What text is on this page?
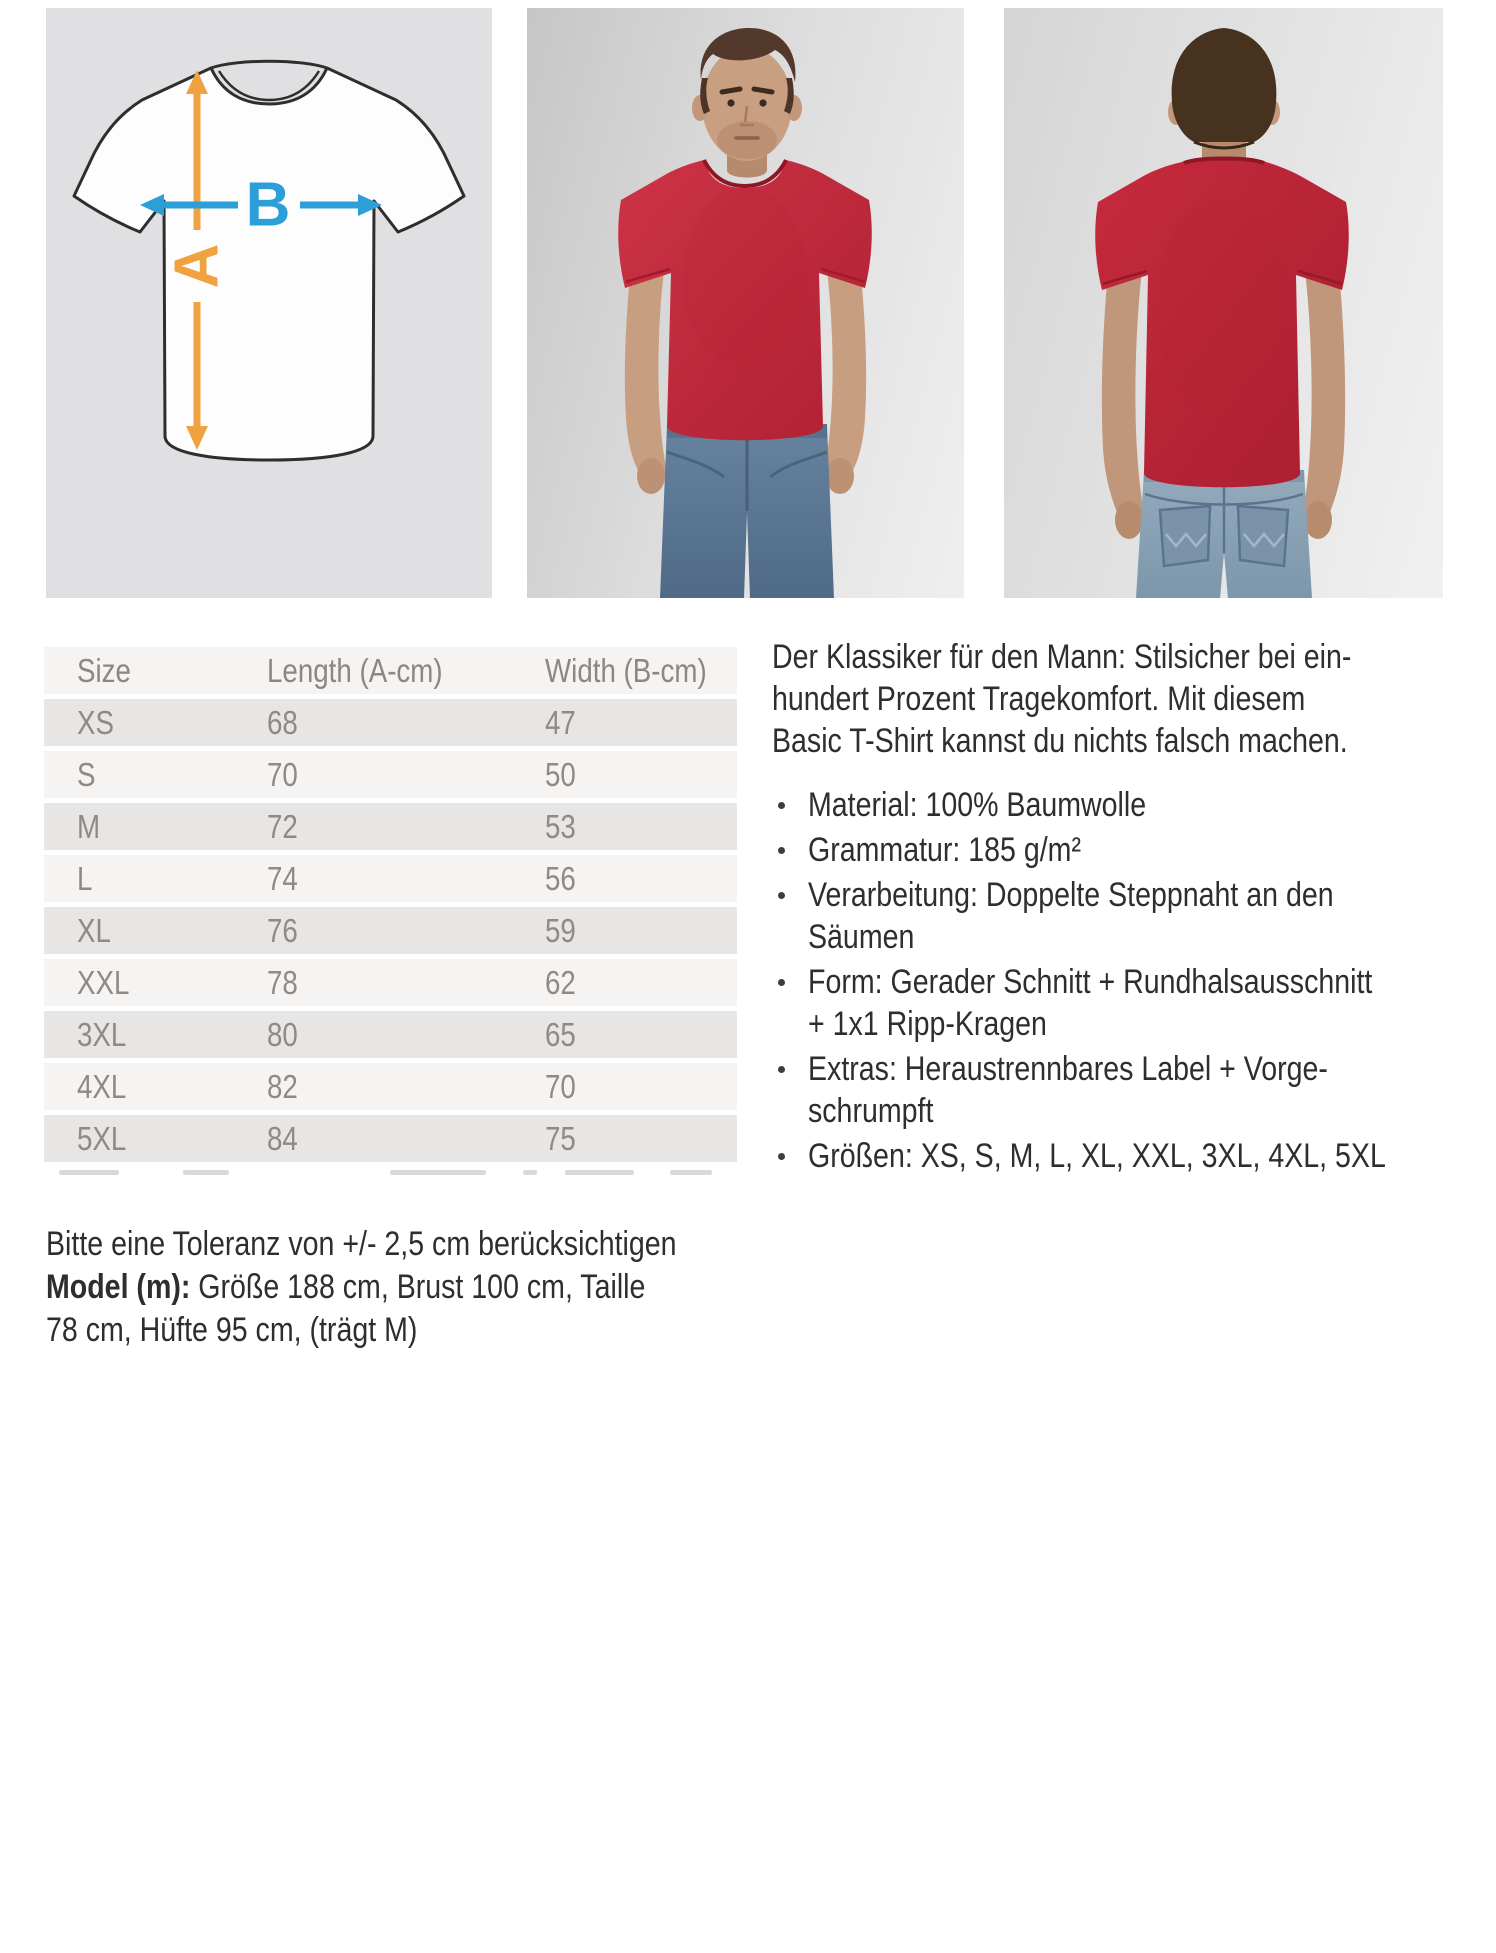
A
B
Size	Length (A-cm)	Width (B-cm)
XS	68	47
S	70	50
M	72	53
L	74	56
XL	76	59
XXL	78	62
3XL	80	65
4XL	82	70
5XL	84	75
Der Klassiker für den Mann: Stilsicher bei ein-
hundert Prozent Tragekomfort. Mit diesem
Basic T-Shirt kannst du nichts falsch machen.
Material: 100% Baumwolle
Grammatur: 185 g/m²
Verarbeitung: Doppelte Steppnaht an den
Säumen
Form: Gerader Schnitt + Rundhalsausschnitt
+ 1x1 Ripp-Kragen
Extras: Heraustrennbares Label + Vorge-
schrumpft
Größen: XS, S, M, L, XL, XXL, 3XL, 4XL, 5XL
Bitte eine Toleranz von +/- 2,5 cm berücksichtigen
Model (m): Größe 188 cm, Brust 100 cm, Taille
78 cm, Hüfte 95 cm, (trägt M)
